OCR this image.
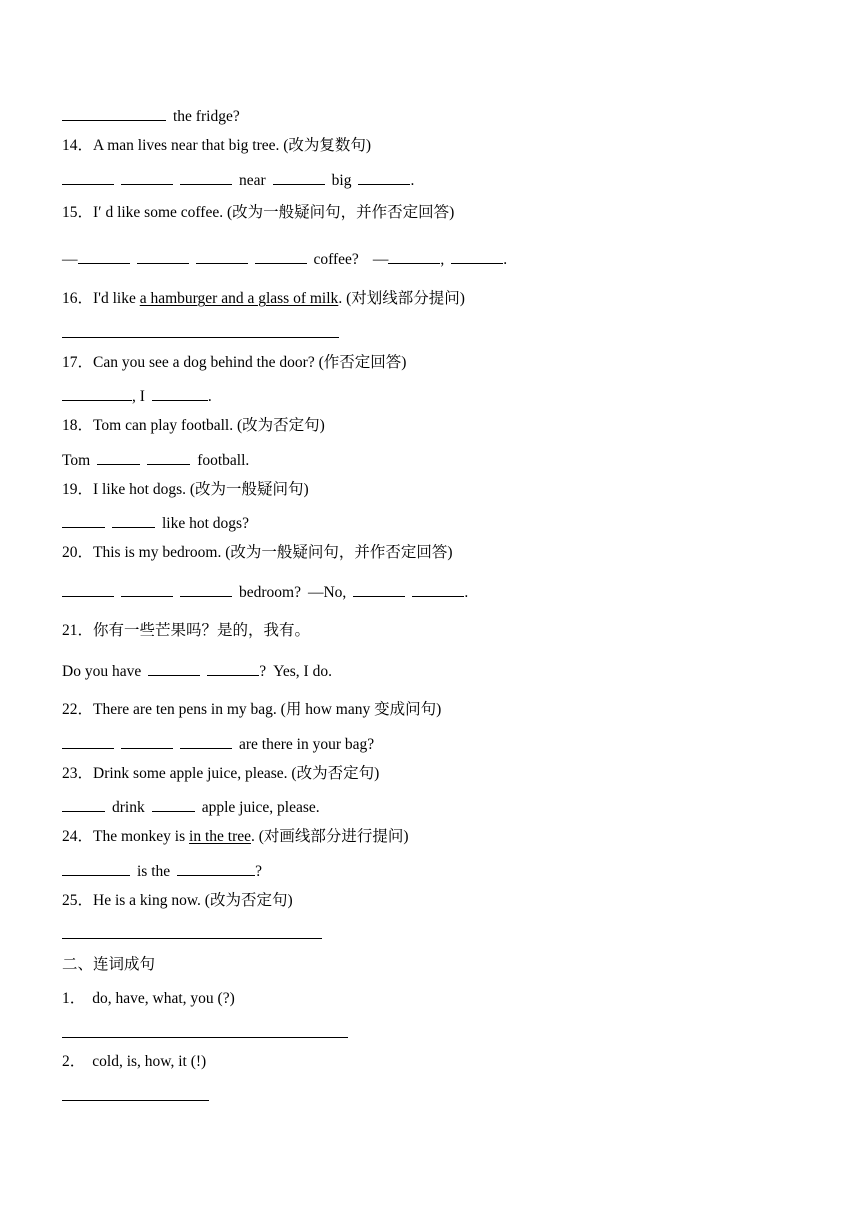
the fridge?
14．A man lives near that big tree. (改为复数句)
near	big	.
15．I′ d like some coffee. (改为一般疑问句，并作否定回答)
—	coffee? —	,	.
16．I'd like a hamburger and a glass of milk. (对划线部分提问)
17．Can you see a dog behind the door? (作否定回答)
, I	.
18．Tom can play football. (改为否定句)
Tom	football.
19．I like hot dogs. (改为一般疑问句)
like hot dogs?
20．This is my bedroom. (改为一般疑问句，并作否定回答)
bedroom? —No,	.
21．你有一些芒果吗？是的，我有。
Do you have	?  Yes, I do.
22．There are ten pens in my bag. (用 how many 变成问句)
are there in your bag?
23．Drink some apple juice, please. (改为否定句)
drink	apple juice, please.
24．The monkey is in the tree. (对画线部分进行提问)
is the	?
25．He is a king now. (改为否定句)
二、连词成句
1． do, have, what, you (?)
2． cold, is, how, it (!)
